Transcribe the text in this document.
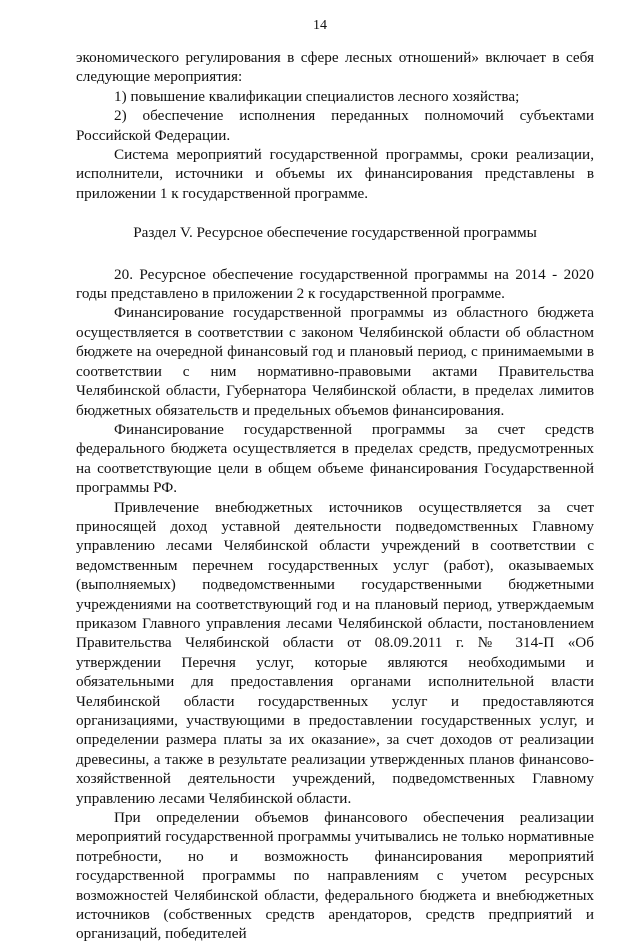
14

экономического регулирования в сфере лесных отношений» включает в себя следующие мероприятия:

1) повышение квалификации специалистов лесного хозяйства;

2) обеспечение исполнения переданных полномочий субъектами Российской Федерации.

Система мероприятий государственной программы, сроки реализации, исполнители, источники и объемы их финансирования представлены в приложении 1 к государственной программе.

Раздел V. Ресурсное обеспечение государственной программы

20. Ресурсное обеспечение государственной программы на 2014 - 2020 годы представлено в приложении 2 к государственной программе.

Финансирование государственной программы из областного бюджета осуществляется в соответствии с законом Челябинской области об областном бюджете на очередной финансовый год и плановый период, с принимаемыми в соответствии с ним нормативно-правовыми актами Правительства Челябинской области, Губернатора Челябинской области, в пределах лимитов бюджетных обязательств и предельных объемов финансирования.

Финансирование государственной программы за счет средств федерального бюджета осуществляется в пределах средств, предусмотренных на соответствующие цели в общем объеме финансирования Государственной программы РФ.

Привлечение внебюджетных источников осуществляется за счет приносящей доход уставной деятельности подведомственных Главному управлению лесами Челябинской области учреждений в соответствии с ведомственным перечнем государственных услуг (работ), оказываемых (выполняемых) подведомственными государственными бюджетными учреждениями на соответствующий год и на плановый период, утверждаемым приказом Главного управления лесами Челябинской области, постановлением Правительства Челябинской области от 08.09.2011 г. № 314-П «Об утверждении Перечня услуг, которые являются необходимыми и обязательными для предоставления органами исполнительной власти Челябинской области государственных услуг и предоставляются организациями, участвующими в предоставлении государственных услуг, и определении размера платы за их оказание», за счет доходов от реализации древесины, а также в результате реализации утвержденных планов финансово-хозяйственной деятельности учреждений, подведомственных Главному управлению лесами Челябинской области.

При определении объемов финансового обеспечения реализации мероприятий государственной программы учитывались не только нормативные потребности, но и возможность финансирования мероприятий государственной программы по направлениям с учетом ресурсных возможностей Челябинской области, федерального бюджета и внебюджетных источников (собственных средств арендаторов, средств предприятий и организаций, победителей
